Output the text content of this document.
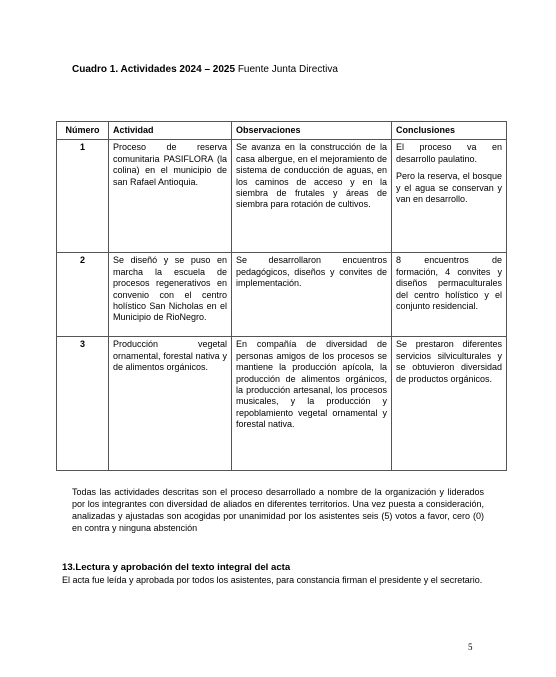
Cuadro 1. Actividades 2024 – 2025 Fuente Junta Directiva
Número	Actividad	Observaciones	Conclusiones
1	Proceso de reserva comunitaria PASIFLORA (la colina) en el municipio de san Rafael Antioquia.	Se avanza en la construcción de la casa albergue, en el mejoramiento de sistema de conducción de aguas, en los caminos de acceso y en la siembra de frutales y áreas de siembra para rotación de cultivos.	El proceso va en desarrollo paulatino.
Pero la reserva, el bosque y el agua se conservan y van en desarrollo.

2	Se diseñó y se puso en marcha la escuela de procesos regenerativos en convenio con el centro holístico San Nicholas en el Municipio de RioNegro.	Se desarrollaron encuentros pedagógicos, diseños y convites de implementación.	8 encuentros de formación, 4 convites y diseños permaculturales del centro holístico y el conjunto residencial.

3	Producción vegetal ornamental, forestal nativa y de alimentos orgánicos.	En compañía de diversidad de personas amigos de los procesos se mantiene la producción apícola, la producción de alimentos orgánicos, la producción artesanal, los procesos musicales, y la producción y repoblamiento vegetal ornamental y forestal nativa.	Se prestaron diferentes servicios silviculturales y se obtuvieron diversidad de productos orgánicos.
Todas las actividades descritas son el proceso desarrollado a nombre de la organización y liderados por los integrantes con diversidad de aliados en diferentes territorios. Una vez puesta a consideración, analizadas y ajustadas son acogidas por unanimidad por los asistentes seis (5) votos a favor, cero (0) en contra y ninguna abstención
13.Lectura y aprobación del texto integral del acta
El acta fue leída y aprobada por todos los asistentes, para constancia firman el presidente y el secretario.
5
